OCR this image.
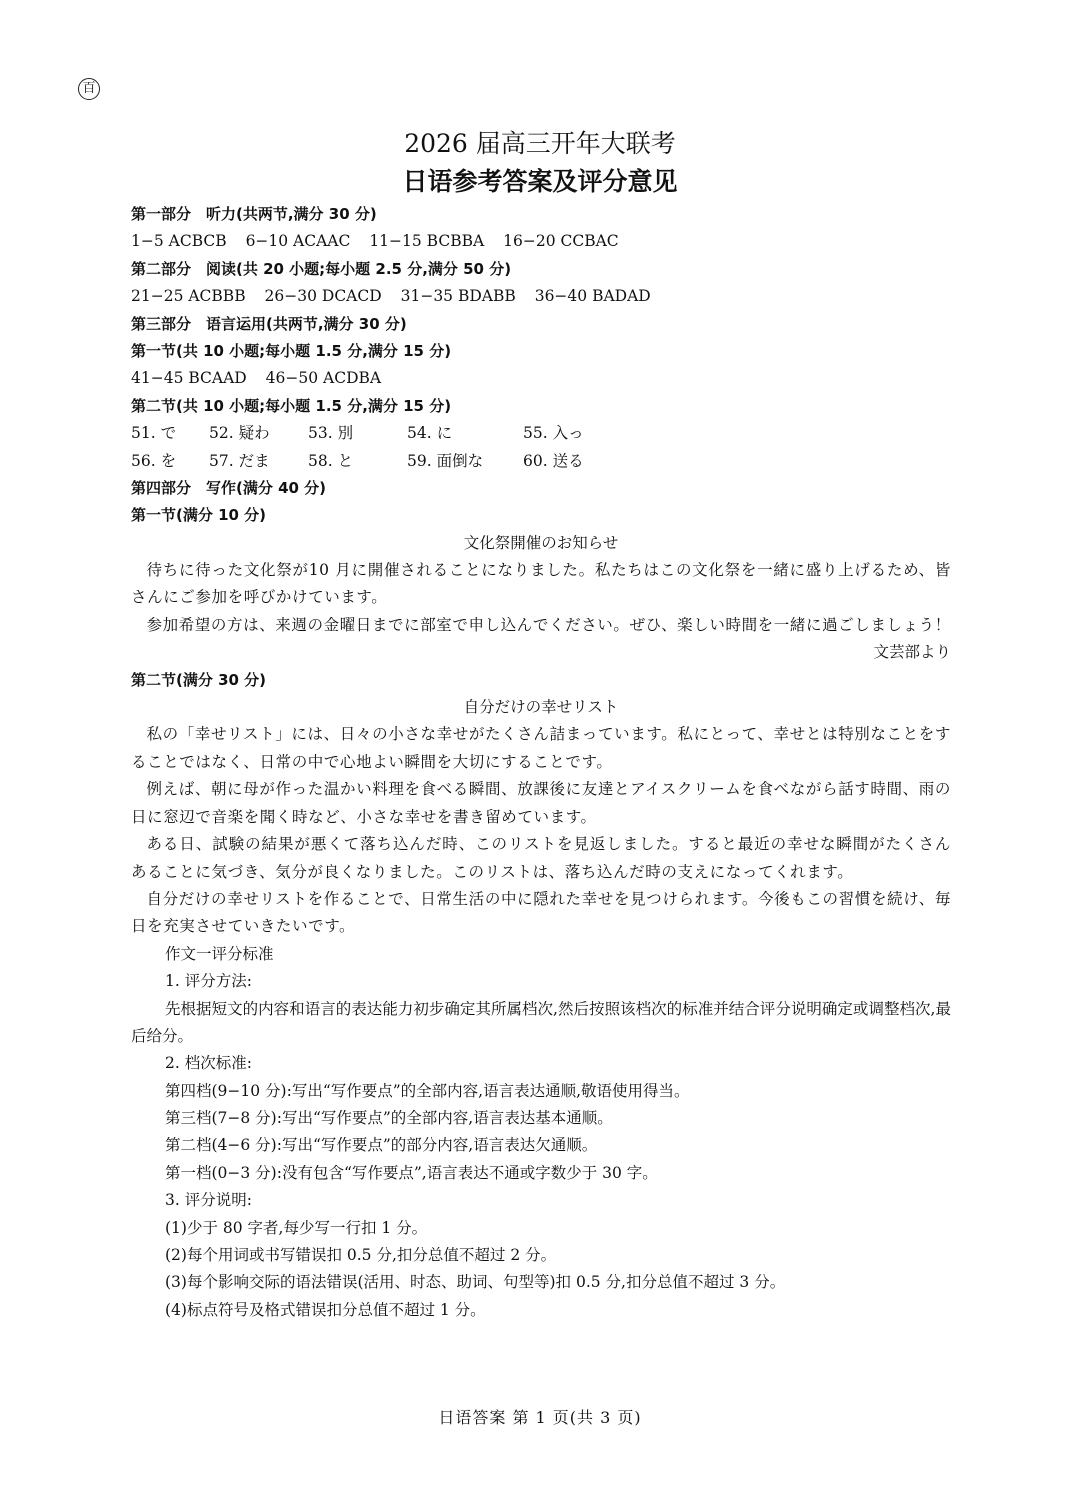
百
2026 届高三开年大联考
日语参考答案及评分意见
第一部分　听力(共两节,满分 30 分)
1−5 ACBCB 6−10 ACAAC 11−15 BCBBA 16−20 CCBAC
第二部分　阅读(共 20 小题;每小题 2.5 分,满分 50 分)
21−25 ACBBB 26−30 DCACD 31−35 BDABB 36−40 BADAD
第三部分　语言运用(共两节,满分 30 分)
第一节(共 10 小题;每小题 1.5 分,满分 15 分)
41−45 BCAAD 46−50 ACDBA
第二节(共 10 小题;每小题 1.5 分,满分 15 分)
51. で 52. 疑わ 53. 別	54. に	55. 入っ
56. を 57. だま 58. と	59. 面倒な	60. 送る
第四部分　写作(满分 40 分)
第一节(满分 10 分)
文化祭開催のお知らせ
待ちに待った文化祭が10 月に開催されることになりました。私たちはこの文化祭を一緒に盛り上げるため、皆さんにご参加を呼びかけています。
参加希望の方は、来週の金曜日までに部室で申し込んでください。ぜひ、楽しい時間を一緒に過ごしましょう！
文芸部より
第二节(满分 30 分)
自分だけの幸せリスト
私の「幸せリスト」には、日々の小さな幸せがたくさん詰まっています。私にとって、幸せとは特別なことをすることではなく、日常の中で心地よい瞬間を大切にすることです。
例えば、朝に母が作った温かい料理を食べる瞬間、放課後に友達とアイスクリームを食べながら話す時間、雨の日に窓辺で音楽を聞く時など、小さな幸せを書き留めています。
ある日、試験の結果が悪くて落ち込んだ時、このリストを見返しました。すると最近の幸せな瞬間がたくさんあることに気づき、気分が良くなりました。このリストは、落ち込んだ時の支えになってくれます。
自分だけの幸せリストを作ることで、日常生活の中に隠れた幸せを見つけられます。今後もこの習慣を続け、毎日を充実させていきたいです。
作文一评分标准
1. 评分方法:
先根据短文的内容和语言的表达能力初步确定其所属档次,然后按照该档次的标准并结合评分说明确定或调整档次,最后给分。
2. 档次标准:
第四档(9−10 分):写出“写作要点”的全部内容,语言表达通顺,敬语使用得当。
第三档(7−8 分):写出“写作要点”的全部内容,语言表达基本通顺。
第二档(4−6 分):写出“写作要点”的部分内容,语言表达欠通顺。
第一档(0−3 分):没有包含“写作要点”,语言表达不通或字数少于 30 字。
3. 评分说明:
(1)少于 80 字者,每少写一行扣 1 分。
(2)每个用词或书写错误扣 0.5 分,扣分总值不超过 2 分。
(3)每个影响交际的语法错误(活用、时态、助词、句型等)扣 0.5 分,扣分总值不超过 3 分。
(4)标点符号及格式错误扣分总值不超过 1 分。
日语答案 第 1 页(共 3 页)
